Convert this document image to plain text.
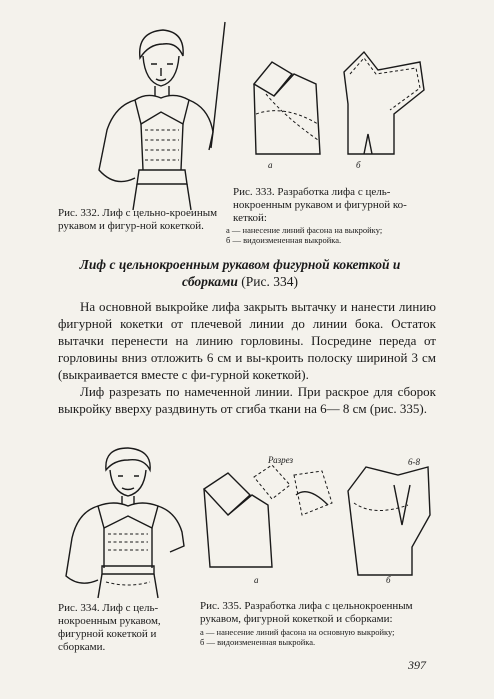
Рис. 332. Лиф с цельно-кроеиным рукавом и фигур-ной кокеткой.
а	б
Рис. 333. Разработка лифа с цель-нокроенным рукавом и фигурной ко-кеткой:
а — нанесение линий фасона на выкройку;
б — видоизмененная выкройка.
Лиф с цельнокроенным рукавом фигурной кокеткой и сборками (Рис. 334)

На основной выкройке лифа закрыть вытачку и нанести линию фигурной кокетки от плечевой линии до линии бока. Остаток вытачки перенести на линию горловины. Посредине переда от горловины вниз отложить 6 см и вы-кроить полоску шириной 3 см (выкраивается вместе с фи-гурной кокеткой).

Лиф разрезать по намеченной линии. При раскрое для сборок выкройку вверху раздвинуть от сгиба ткани на 6— 8 см (рис. 335).

Рис. 334. Лиф с цель-нокроенным рукавом, фигурной кокеткой и сборками.
Разрез	6-8
а	б
Рис. 335. Разработка лифа с цельнокроенным рукавом, фигурной кокеткой и сборками:
а — нанесение линий фасона на основную выкройку;
б — видоизмененная выкройка.
397
